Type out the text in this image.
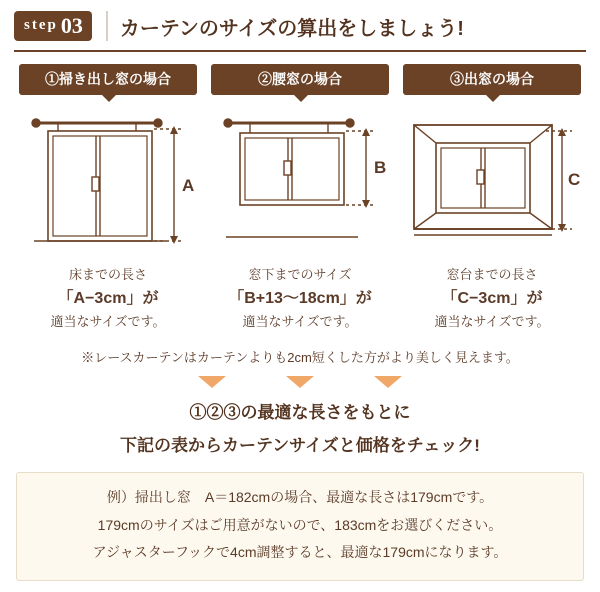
step 03 カーテンのサイズの算出をしましょう!
①掃き出し窓の場合
A
床までの長さ
「A−3cm」が
適当なサイズです。
②腰窓の場合
B
窓下までのサイズ
「B+13〜18cm」が
適当なサイズです。
③出窓の場合
C
窓台までの長さ
「C−3cm」が
適当なサイズです。
※レースカーテンはカーテンよりも2cm短くした方がより美しく見えます。
①②③の最適な長さをもとに
下記の表からカーテンサイズと価格をチェック!

例）掃出し窓　A＝182cmの場合、最適な長さは179cmです。

179cmのサイズはご用意がないので、183cmをお選びください。

アジャスターフックで4cm調整すると、最適な179cmになります。
